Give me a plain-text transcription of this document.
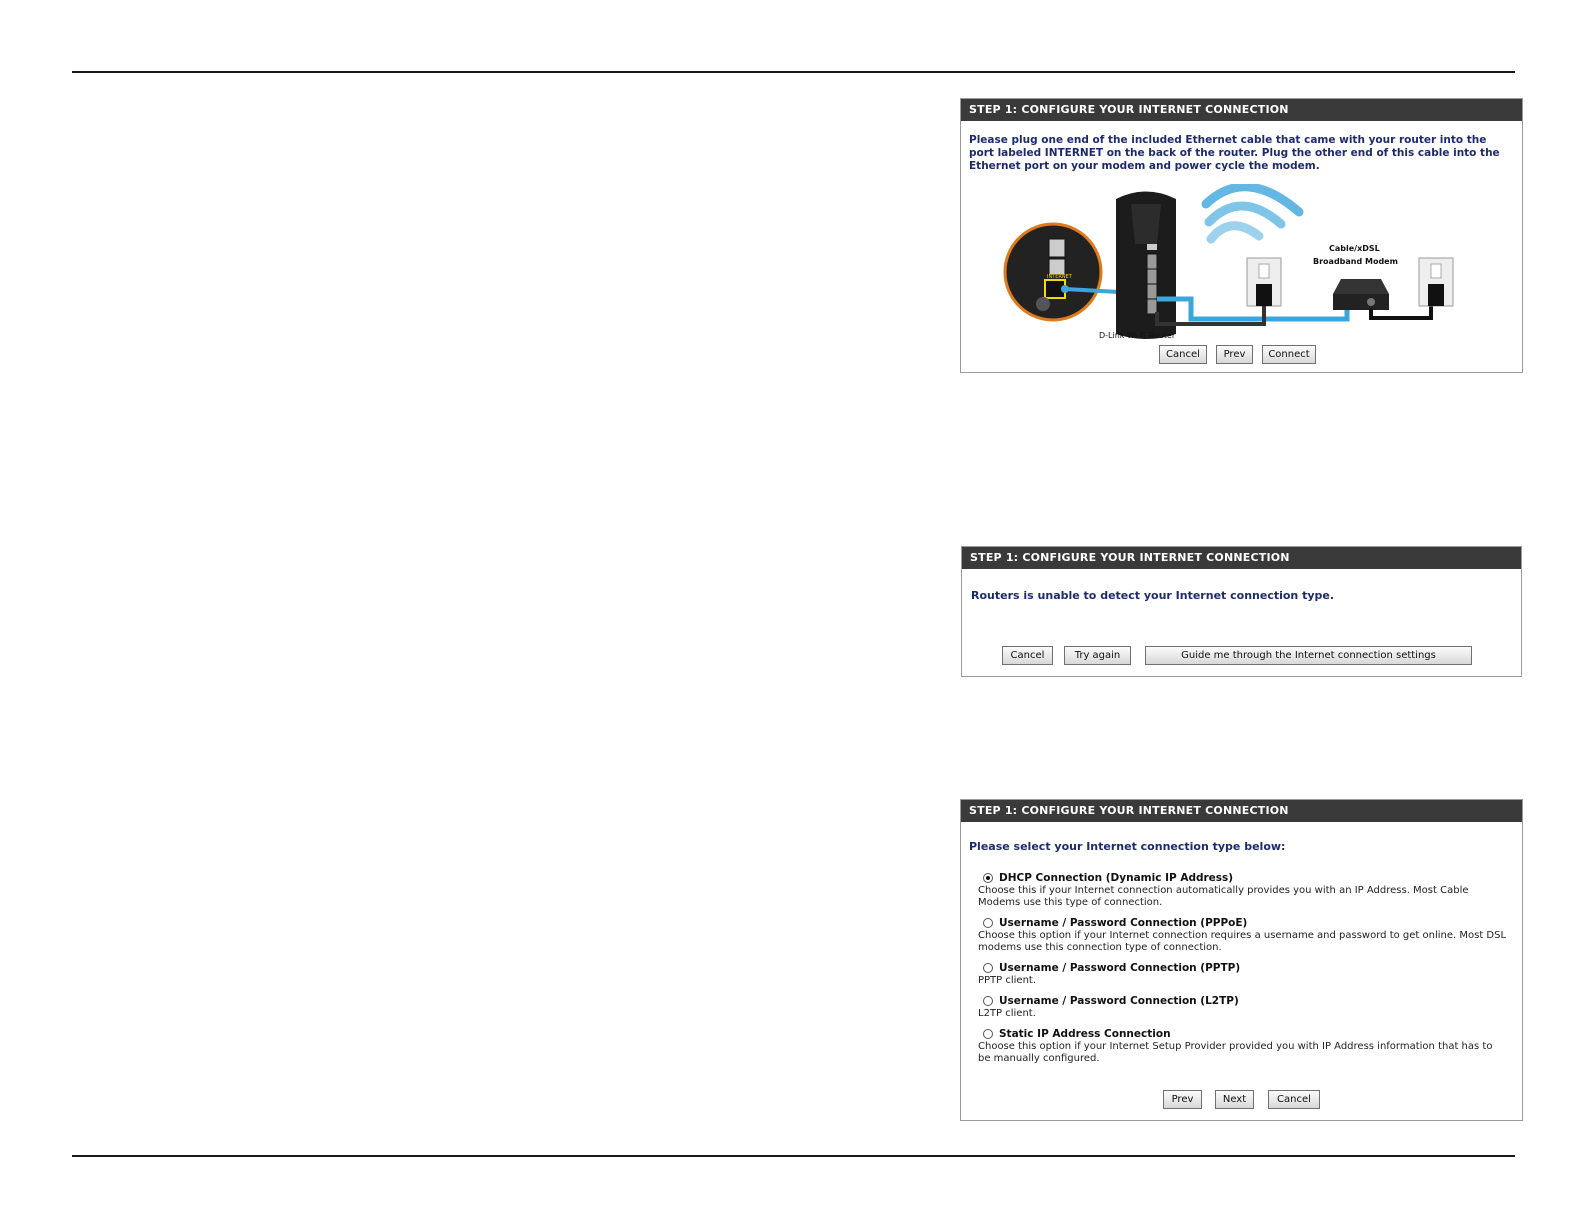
STEP 1: CONFIGURE YOUR INTERNET CONNECTION
Please plug one end of the included Ethernet cable that came with your router into the port labeled INTERNET on the back of the router. Plug the other end of this cable into the Ethernet port on your modem and power cycle the modem.
INTERNET
D-Link Wi-Fi Router
Cable/xDSL
Broadband Modem
Cancel	Prev	Connect
STEP 1: CONFIGURE YOUR INTERNET CONNECTION
Routers is unable to detect your Internet connection type.
Cancel	Try again	Guide me through the Internet connection settings
STEP 1: CONFIGURE YOUR INTERNET CONNECTION
Please select your Internet connection type below:
DHCP Connection (Dynamic IP Address)
Choose this if your Internet connection automatically provides you with an IP Address. Most Cable Modems use this type of connection.
Username / Password Connection (PPPoE)
Choose this option if your Internet connection requires a username and password to get online. Most DSL modems use this connection type of connection.
Username / Password Connection (PPTP)
PPTP client.
Username / Password Connection (L2TP)
L2TP client.
Static IP Address Connection
Choose this option if your Internet Setup Provider provided you with IP Address information that has to be manually configured.
Prev	Next	Cancel
